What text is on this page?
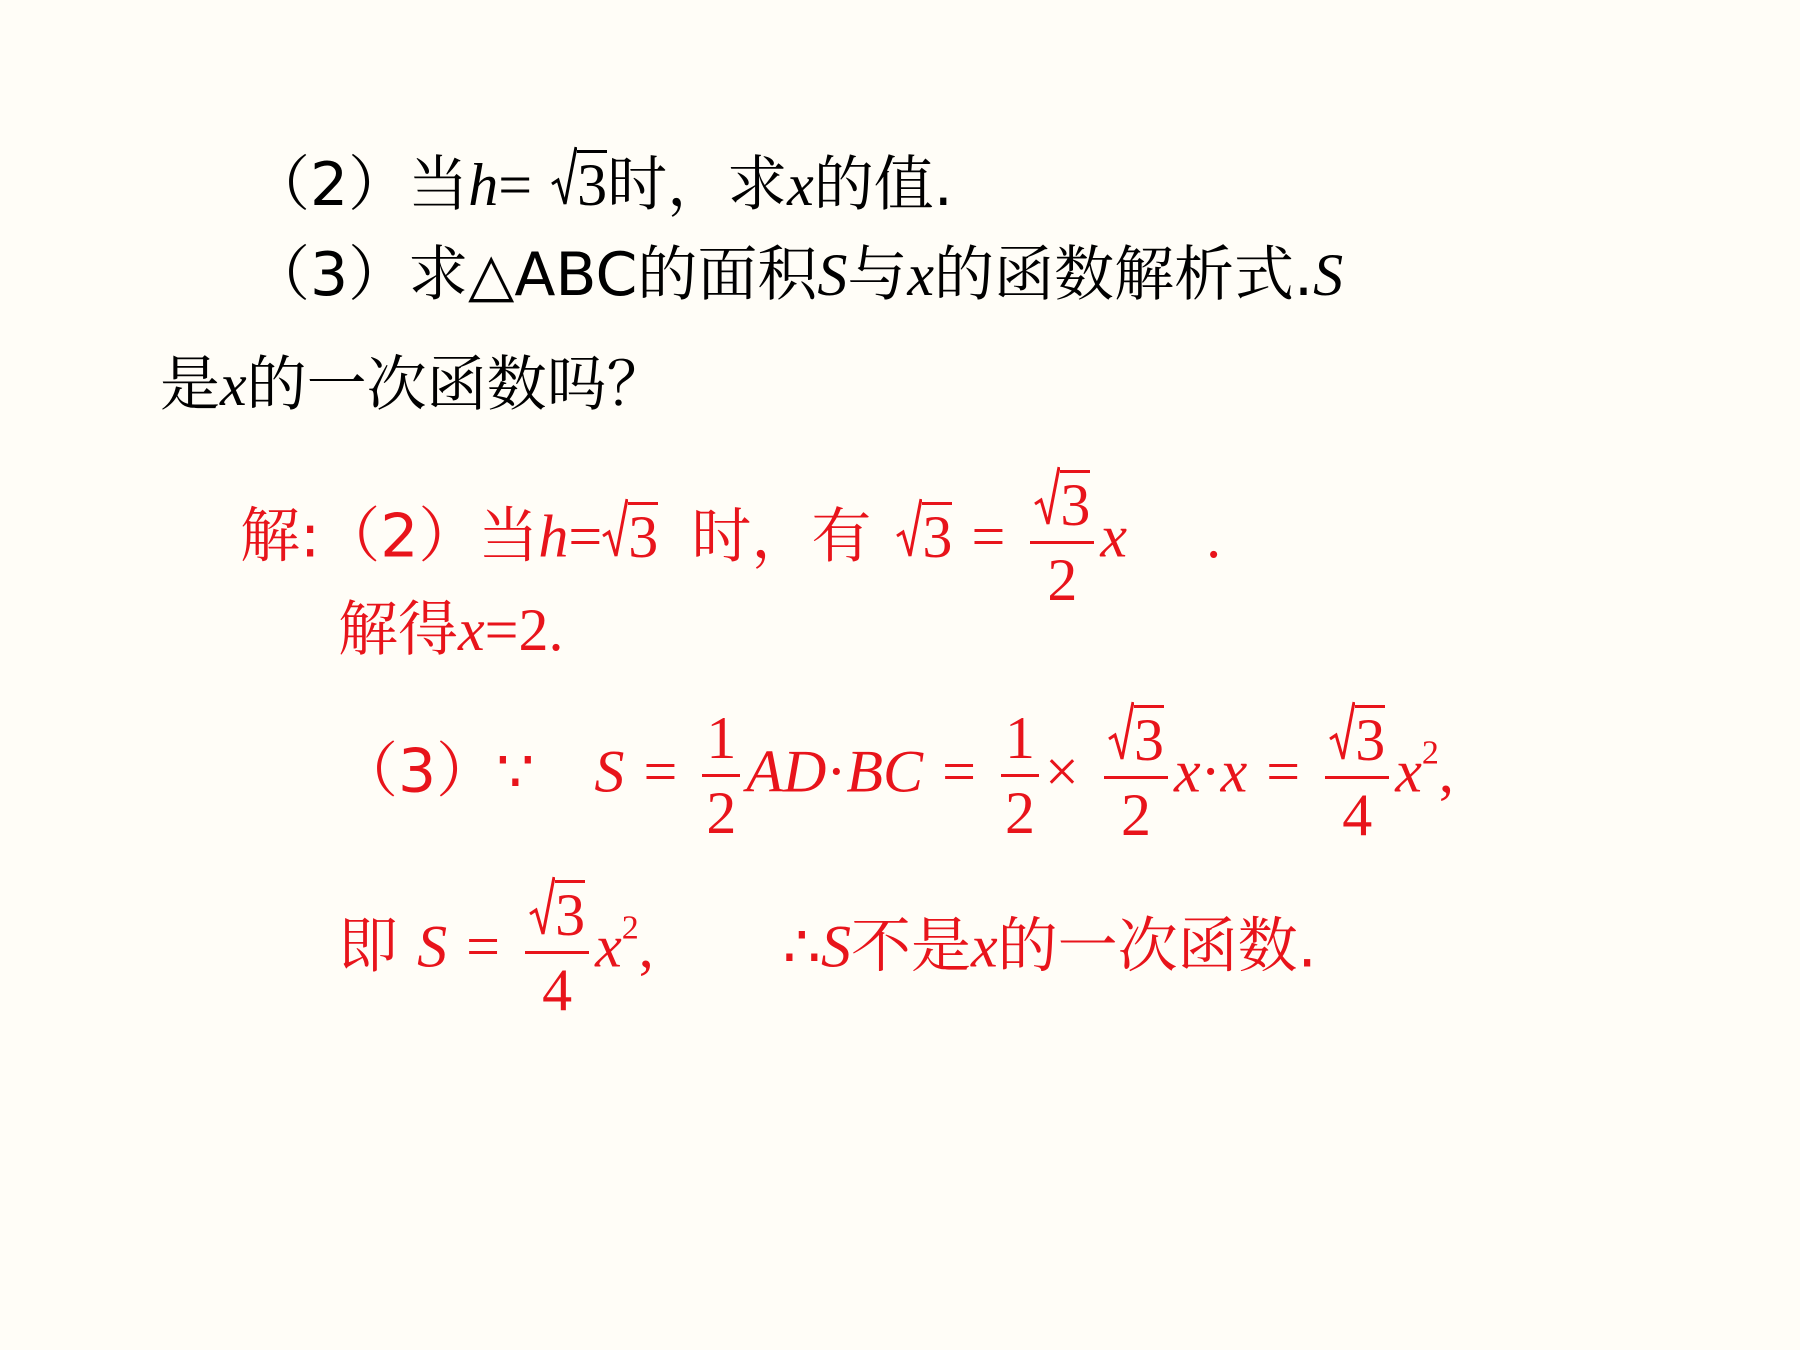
（2）当h= 3时，求x的值.
（3）求△ABC的面积S与x的函数解析式.S
是x的一次函数吗？
解:（2）当h= 3 时，有 $3 = \frac{3}{2}$ x .
解得x=2.
（3）∵ $S = \frac{1}{2} AD\cdot BC = \frac{1}{2} \times \frac{3}{2} x\cdot x = \frac{3}{4} x^2$,
即 $S = \frac{3}{4} x^2$, ∴S不是x的一次函数.
